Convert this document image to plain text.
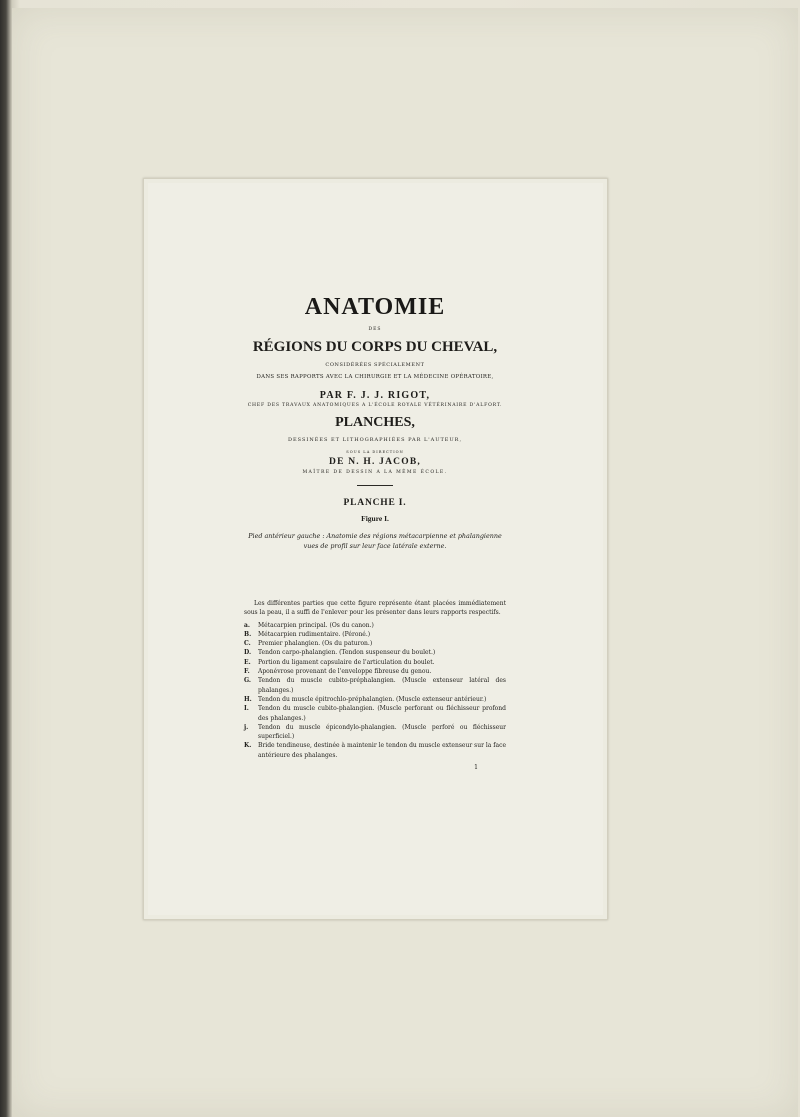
ANATOMIE
DES
RÉGIONS DU CORPS DU CHEVAL,
CONSIDÉRÉES SPÉCIALEMENT
DANS SES RAPPORTS AVEC LA CHIRURGIE ET LA MÉDECINE OPÉRATOIRE,
PAR F. J. J. RIGOT,
CHEF DES TRAVAUX ANATOMIQUES A L'ÉCOLE ROYALE VÉTÉRINAIRE D'ALFORT.
PLANCHES,
DESSINÉES ET LITHOGRAPHIÉES PAR L'AUTEUR,
SOUS LA DIRECTION
DE N. H. JACOB,
MAÎTRE DE DESSIN A LA MÊME ÉCOLE.
PLANCHE I.
Figure I.
Pied antérieur gauche : Anatomie des régions métacarpienne et phalangienne
vues de profil sur leur face latérale externe.

Les différentes parties que cette figure représente étant placées immédiatement sous la peau, il a suffi de l'enlever pour les présenter dans leurs rapports respectifs.

a. Métacarpien principal. (Os du canon.)

B. Métacarpien rudimentaire. (Péroné.)

C. Premier phalangien. (Os du paturon.)

D. Tendon carpo-phalangien. (Tendon suspenseur du boulet.)

E. Portion du ligament capsulaire de l'articulation du boulet.

F. Aponévrose provenant de l'enveloppe fibreuse du genou.

G. Tendon du muscle cubito-préphalangien. (Muscle extenseur latéral des phalanges.)

H. Tendon du muscle épitrochlo-préphalangien. (Muscle extenseur antérieur.)

I. Tendon du muscle cubito-phalangien. (Muscle perforant ou fléchisseur profond des phalanges.)

j. Tendon du muscle épicondylo-phalangien. (Muscle perforé ou fléchisseur superficiel.)

K. Bride tendineuse, destinée à maintenir le tendon du muscle extenseur sur la face antérieure des phalanges.

1
